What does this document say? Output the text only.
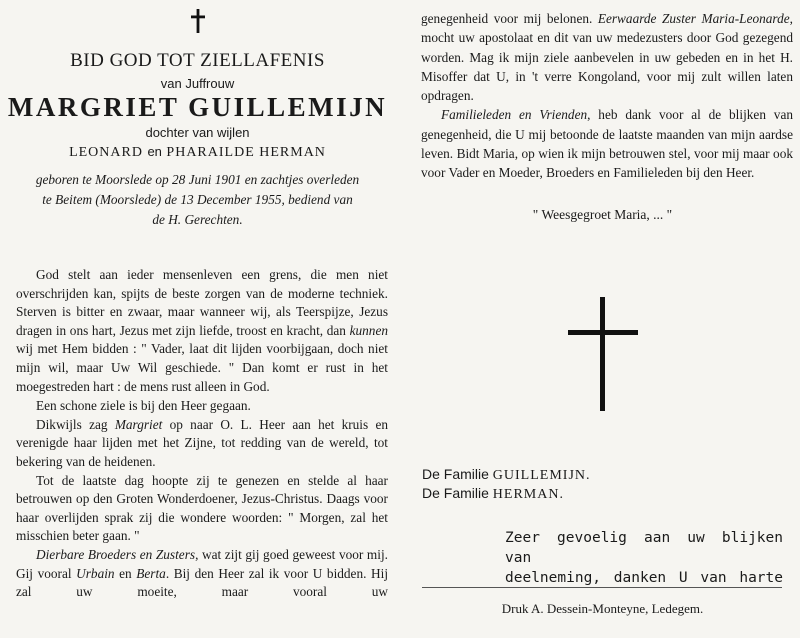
BID GOD TOT ZIELLAFENIS
van Juffrouw
MARGRIET GUILLEMIJN
dochter van wijlen
LEONARD en PHARAILDE HERMAN
geboren te Moorslede op 28 Juni 1901 en zachtjes overleden
te Beitem (Moorslede) de 13 December 1955, bediend van
de H. Gerechten.

God stelt aan ieder mensenleven een grens, die men niet overschrijden kan, spijts de beste zorgen van de moderne techniek. Sterven is bitter en zwaar, maar wanneer wij, als Teerspijze, Jezus dragen in ons hart, Jezus met zijn liefde, troost en kracht, dan kunnen wij met Hem bidden : " Vader, laat dit lijden voorbijgaan, doch niet mijn wil, maar Uw Wil geschiede. " Dan komt er rust in het moegestreden hart : de mens rust alleen in God.

Een schone ziele is bij den Heer gegaan.

Dikwijls zag Margriet op naar O. L. Heer aan het kruis en verenigde haar lijden met het Zijne, tot redding van de wereld, tot bekering van de heidenen.

Tot de laatste dag hoopte zij te genezen en stelde al haar betrouwen op den Groten Wonderdoener, Jezus-Christus. Daags voor haar overlijden sprak zij die wondere woorden: " Morgen, zal het misschien beter gaan. "

Dierbare Broeders en Zusters, wat zijt gij goed geweest voor mij. Gij vooral Urbain en Berta. Bij den Heer zal ik voor U bidden. Hij zal uw moeite, maar vooral uw

genegenheid voor mij belonen. Eerwaarde Zuster Maria-Leonarde, mocht uw apostolaat en dit van uw medezusters door God gezegend worden. Mag ik mijn ziele aanbevelen in uw gebeden en in het H. Misoffer dat U, in 't verre Kongoland, voor mij zult willen laten opdragen.

Familieleden en Vrienden, heb dank voor al de blijken van genegenheid, die U mij betoonde de laatste maanden van mijn aardse leven. Bidt Maria, op wien ik mijn betrouwen stel, voor mij maar ook voor Vader en Moeder, Broeders en Familieleden bij den Heer.

" Weesgegroet Maria, ... "
De Familie GUILLEMIJN.
De Familie HERMAN.
Zeer gevoelig aan uw blijken van
deelneming, danken U van harte
Druk A. Dessein-Monteyne, Ledegem.
